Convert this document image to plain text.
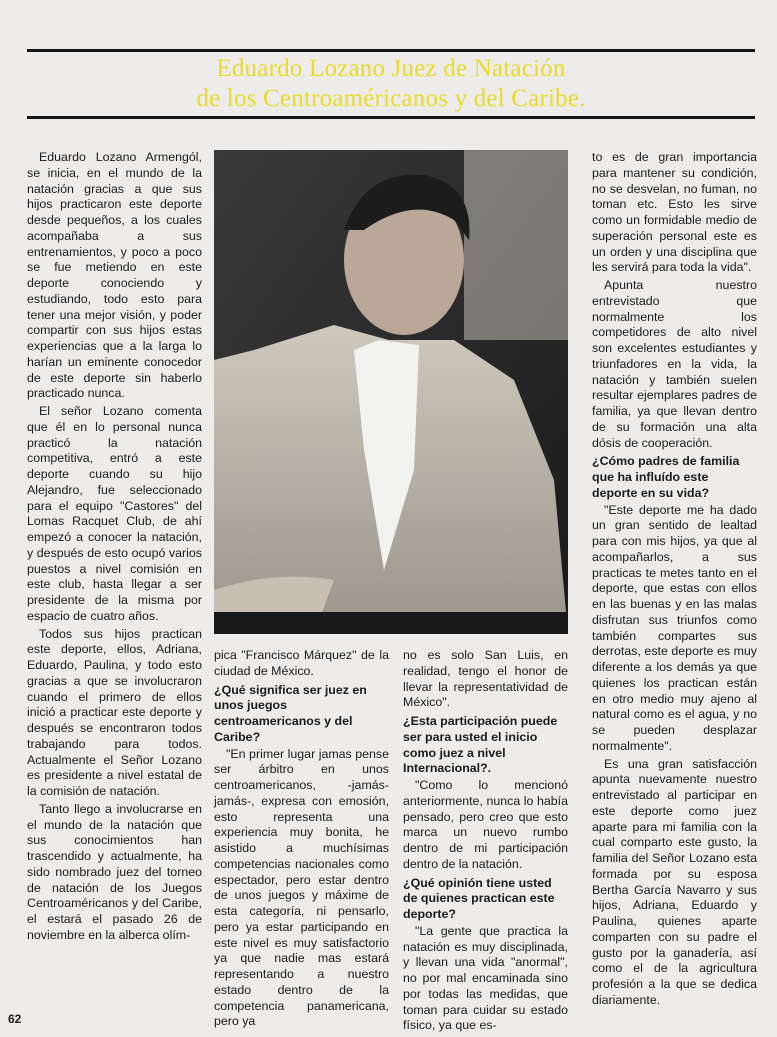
Eduardo Lozano Juez de Natación
de los Centroaméricanos y del Caribe.

Eduardo Lozano Armengól, se inicia, en el mundo de la natación gracias a que sus hijos practicaron este deporte desde pequeños, a los cuales acompañaba a sus entrenamientos, y poco a poco se fue metiendo en este deporte conociendo y estudiando, todo esto para tener una mejor visión, y poder compartir con sus hijos estas experiencias que a la larga lo harían un eminente conocedor de este deporte sin haberlo practicado nunca.

El señor Lozano comenta que él en lo personal nunca practicó la natación competitiva, entró a este deporte cuando su hijo Alejandro, fue seleccionado para el equipo "Castores" del Lomas Racquet Club, de ahí empezó a conocer la natación, y después de esto ocupó varios puestos a nivel comisión en este club, hasta llegar a ser presidente de la misma por espacio de cuatro años.

Todos sus hijos practican este deporte, ellos, Adriana, Eduardo, Paulina, y todo esto gracias a que se involucraron cuando el primero de ellos inició a practicar este deporte y después se encontraron todos trabajando para todos. Actualmente el Señor Lozano es presidente a nivel estatal de la comisión de natación.

Tanto llego a involucrarse en el mundo de la natación que sus conocimientos han trascendido y actualmente, ha sido nombrado juez del torneo de natación de los Juegos Centroaméricanos y del Caribe, el estará el pasado 26 de noviembre en la alberca olím-

pica "Francisco Márquez" de la ciudad de México.

¿Qué significa ser juez en unos juegos centroamericanos y del Caribe?

"En primer lugar jamas pense ser árbitro en unos centroamericanos, -jamás-jamás-, expresa con emosión, esto representa una experiencia muy bonita, he asistido a muchísimas competencias nacionales como espectador, pero estar dentro de unos juegos y máxime de esta categoría, ni pensarlo, pero ya estar participando en este nivel es muy satisfactorio ya que nadie mas estará representando a nuestro estado dentro de la competencia panamericana, pero ya

no es solo San Luis, en realidad, tengo el honor de llevar la representatividad de México".

¿Esta participación puede ser para usted el inicio como juez a nivel Internacional?.

"Como lo mencionó anteriormente, nunca lo había pensado, pero creo que esto marca un nuevo rumbo dentro de mi participación dentro de la natación.

¿Qué opinión tiene usted de quienes practican este deporte?

"La gente que practica la natación es muy disciplinada, y llevan una vida "anormal", no por mal encaminada sino por todas las medidas, que toman para cuidar su estado físico, ya que es-

to es de gran importancia para mantener su condición, no se desvelan, no fuman, no toman etc. Esto les sirve como un formidable medio de superación personal este es un orden y una disciplina que les servirá para toda la vida".

Apunta nuestro entrevistado que normalmente los competidores de alto nivel son excelentes estudiantes y triunfadores en la vida, la natación y también suelen resultar ejemplares padres de familia, ya que llevan dentro de su formación una alta dósis de cooperación.

¿Cómo padres de familia que ha influído este deporte en su vida?

"Este deporte me ha dado un gran sentido de lealtad para con mis hijos, ya que al acompañarlos, a sus practicas te metes tanto en el deporte, que estas con ellos en las buenas y en las malas disfrutan sus triunfos como también compartes sus derrotas, este deporte es muy diferente a los demás ya que quienes los practican están en otro medio muy ajeno al natural como es el agua, y no se pueden desplazar normalmente".

Es una gran satisfacción apunta nuevamente nuestro entrevistado al participar en este deporte como juez aparte para mi familia con la cual comparto este gusto, la familia del Señor Lozano esta formada por su esposa Bertha García Navarro y sus hijos, Adriana, Eduardo y Paulina, quienes aparte comparten con su padre el gusto por la ganadería, así como el de la agricultura profesión a la que se dedica diariamente.

62
